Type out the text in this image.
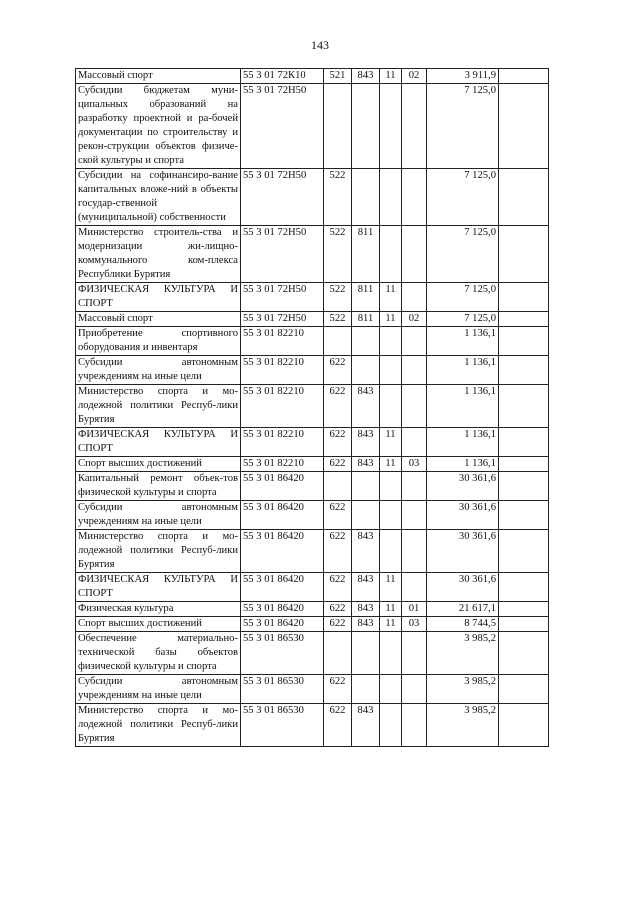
143
Массовый спорт	55 3 01 72К10	521	843	11	02	3 911,9	
Субсидии бюджетам муни-ципальных образований на разработку проектной и ра-бочей документации по строительству и рекон-струкции объектов физиче-ской культуры и спорта	55 3 01 72Н50					7 125,0	
Субсидии на софинансиро-вание капитальных вложе-ний в объекты государ-ственной (муниципальной) собственности	55 3 01 72Н50	522				7 125,0	
Министерство строитель-ства и модернизации жи-лищно-коммунального ком-плекса Республики Бурятия	55 3 01 72Н50	522	811			7 125,0	
ФИЗИЧЕСКАЯ КУЛЬТУРА И СПОРТ	55 3 01 72Н50	522	811	11		7 125,0	
Массовый спорт	55 3 01 72Н50	522	811	11	02	7 125,0	
Приобретение спортивного оборудования и инвентаря	55 3 01 82210					1 136,1	
Субсидии автономным учреждениям на иные цели	55 3 01 82210	622				1 136,1	
Министерство спорта и мо-лодежной политики Респуб-лики Бурятия	55 3 01 82210	622	843			1 136,1	
ФИЗИЧЕСКАЯ КУЛЬТУРА И СПОРТ	55 3 01 82210	622	843	11		1 136,1	
Спорт высших достижений	55 3 01 82210	622	843	11	03	1 136,1	
Капитальный ремонт объек-тов физической культуры и спорта	55 3 01 86420					30 361,6	
Субсидии автономным учреждениям на иные цели	55 3 01 86420	622				30 361,6	
Министерство спорта и мо-лодежной политики Респуб-лики Бурятия	55 3 01 86420	622	843			30 361,6	
ФИЗИЧЕСКАЯ КУЛЬТУРА И СПОРТ	55 3 01 86420	622	843	11		30 361,6	
Физическая культура	55 3 01 86420	622	843	11	01	21 617,1	
Спорт высших достижений	55 3 01 86420	622	843	11	03	8 744,5	
Обеспечение материально-технической базы объектов физической культуры и спорта	55 3 01 86530					3 985,2	
Субсидии автономным учреждениям на иные цели	55 3 01 86530	622				3 985,2	
Министерство спорта и мо-лодежной политики Респуб-лики Бурятия	55 3 01 86530	622	843			3 985,2	
